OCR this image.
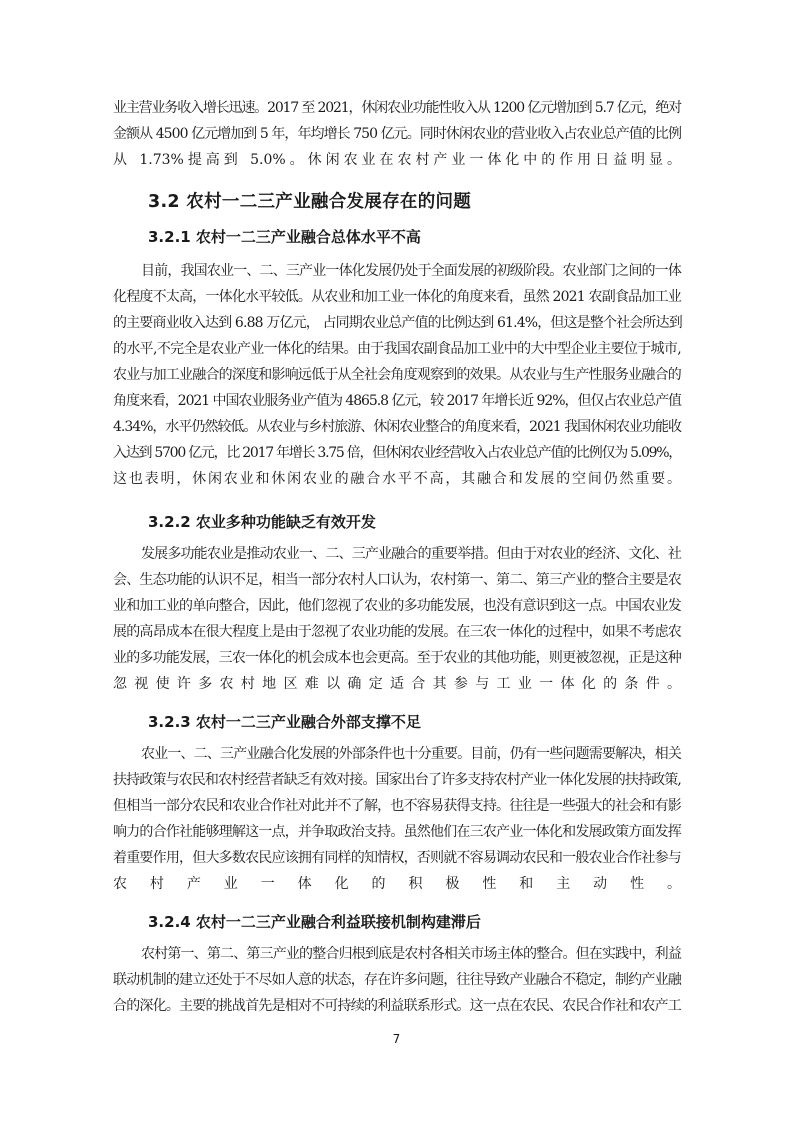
业主营业务收入增长迅速。2017 至 2021，休闲农业功能性收入从 1200 亿元增加到 5.7 亿元，绝对
金额从 4500 亿元增加到 5 年，年均增长 750 亿元。同时休闲农业的营业收入占农业总产值的比例
从 1.73%提高到 5.0%。休闲农业在农村产业一体化中的作用日益明显。
3.2 农村一二三产业融合发展存在的问题
3.2.1 农村一二三产业融合总体水平不高
目前，我国农业一、二、三产业一体化发展仍处于全面发展的初级阶段。农业部门之间的一体
化程度不太高，一体化水平较低。从农业和加工业一体化的角度来看，虽然 2021 农副食品加工业
的主要商业收入达到 6.88 万亿元， 占同期农业总产值的比例达到 61.4%，但这是整个社会所达到
的水平,不完全是农业产业一体化的结果。由于我国农副食品加工业中的大中型企业主要位于城市,
农业与加工业融合的深度和影响远低于从全社会角度观察到的效果。从农业与生产性服务业融合的
角度来看，2021 中国农业服务业产值为 4865.8 亿元，较 2017 年增长近 92%，但仅占农业总产值
4.34%，水平仍然较低。从农业与乡村旅游、休闲农业整合的角度来看，2021 我国休闲农业功能收
入达到 5700 亿元，比 2017 年增长 3.75 倍，但休闲农业经营收入占农业总产值的比例仅为 5.09%，
这也表明，休闲农业和休闲农业的融合水平不高，其融合和发展的空间仍然重要。
3.2.2 农业多种功能缺乏有效开发
发展多功能农业是推动农业一、二、三产业融合的重要举措。但由于对农业的经济、文化、社
会、生态功能的认识不足，相当一部分农村人口认为，农村第一、第二、第三产业的整合主要是农
业和加工业的单向整合，因此，他们忽视了农业的多功能发展，也没有意识到这一点。中国农业发
展的高昂成本在很大程度上是由于忽视了农业功能的发展。在三农一体化的过程中，如果不考虑农
业的多功能发展，三农一体化的机会成本也会更高。至于农业的其他功能，则更被忽视，正是这种
忽视使许多农村地区难以确定适合其参与工业一体化的条件。
3.2.3 农村一二三产业融合外部支撑不足
农业一、二、三产业融合化发展的外部条件也十分重要。目前，仍有一些问题需要解决，相关
扶持政策与农民和农村经营者缺乏有效对接。国家出台了许多支持农村产业一体化发展的扶持政策,
但相当一部分农民和农业合作社对此并不了解，也不容易获得支持。往往是一些强大的社会和有影
响力的合作社能够理解这一点，并争取政治支持。虽然他们在三农产业一体化和发展政策方面发挥
着重要作用，但大多数农民应该拥有同样的知情权，否则就不容易调动农民和一般农业合作社参与
农村产业一体化的积极性和主动性。
3.2.4 农村一二三产业融合利益联接机制构建滞后
农村第一、第二、第三产业的整合归根到底是农村各相关市场主体的整合。但在实践中，利益
联动机制的建立还处于不尽如人意的状态，存在许多问题，往往导致产业融合不稳定，制约产业融
合的深化。主要的挑战首先是相对不可持续的利益联系形式。这一点在农民、农民合作社和农产工
7
